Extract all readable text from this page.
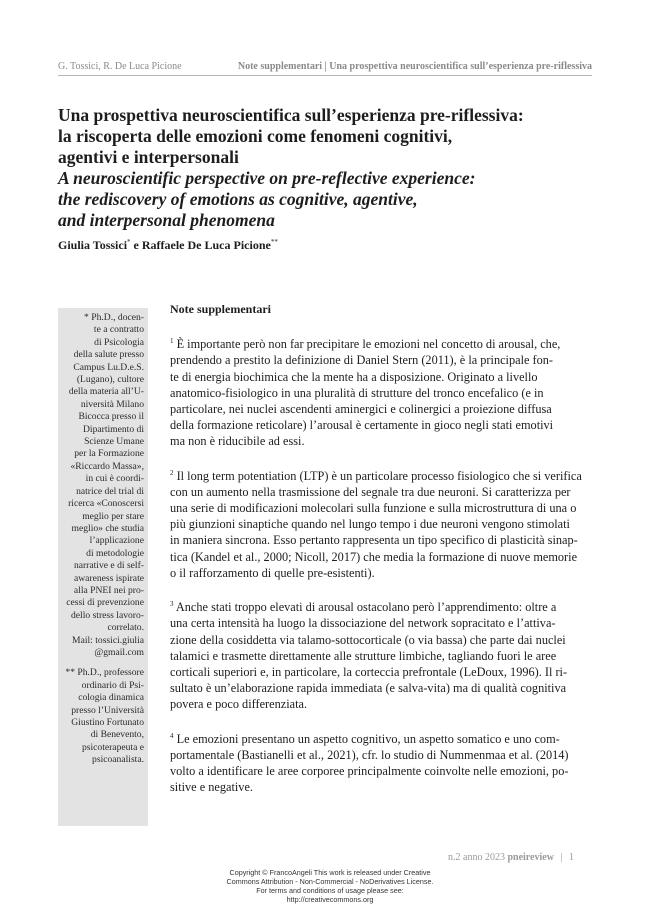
G. Tossici, R. De Luca Picione	Note supplementari | Una prospettiva neuroscientifica sull’esperienza pre-riflessiva
Una prospettiva neuroscientifica sull’esperienza pre-riflessiva:
la riscoperta delle emozioni come fenomeni cognitivi,
agentivi e interpersonali
A neuroscientific perspective on pre-reflective experience:
the rediscovery of emotions as cognitive, agentive,
and interpersonal phenomena
Giulia Tossici* e Raffaele De Luca Picione**
* Ph.D., docen-
te a contratto
di Psicologia
della salute presso
Campus Lu.D.e.S.
(Lugano), cultore
della materia all’U-
niversità Milano
Bicocca presso il
Dipartimento di
Scienze Umane
per la Formazione
«Riccardo Massa»,
in cui è coordi-
natrice del trial di
ricerca «Conoscersi
meglio per stare
meglio» che studia
l’applicazione
di metodologie
narrative e di self-
awareness ispirate
alla PNEI nei pro-
cessi di prevenzione
dello stress lavoro-
correlato.
Mail: tossici.giulia
@gmail.com
** Ph.D., professore
ordinario di Psi-
cologia dinamica
presso l’Università
Giustino Fortunato
di Benevento,
psicoterapeuta e
psicoanalista.
Note supplementari

$^1$ È importante però non far precipitare le emozioni nel concetto di arousal, che,
prendendo a prestito la definizione di Daniel Stern (2011), è la principale fon-
te di energia biochimica che la mente ha a disposizione. Originato a livello
anatomico-fisiologico in una pluralità di strutture del tronco encefalico (e in
particolare, nei nuclei ascendenti aminergici e colinergici a proiezione diffusa
della formazione reticolare) l’arousal è certamente in gioco negli stati emotivi
ma non è riducibile ad essi.

$^2$ Il long term potentiation (LTP) è un particolare processo fisiologico che si verifica
con un aumento nella trasmissione del segnale tra due neuroni. Si caratterizza per
una serie di modificazioni molecolari sulla funzione e sulla microstruttura di una o
più giunzioni sinaptiche quando nel lungo tempo i due neuroni vengono stimolati
in maniera sincrona. Esso pertanto rappresenta un tipo specifico di plasticità sinap-
tica (Kandel et al., 2000; Nicoll, 2017) che media la formazione di nuove memorie
o il rafforzamento di quelle pre-esistenti).

$^3$ Anche stati troppo elevati di arousal ostacolano però l’apprendimento: oltre a
una certa intensità ha luogo la dissociazione del network sopracitato e l’attiva-
zione della cosiddetta via talamo-sottocorticale (o via bassa) che parte dai nuclei
talamici e trasmette direttamente alle strutture limbiche, tagliando fuori le aree
corticali superiori e, in particolare, la corteccia prefrontale (LeDoux, 1996). Il ri-
sultato è un’elaborazione rapida immediata (e salva-vita) ma di qualità cognitiva
povera e poco differenziata.

$^4$ Le emozioni presentano un aspetto cognitivo, un aspetto somatico e uno com-
portamentale (Bastianelli et al., 2021), cfr. lo studio di Nummenmaa et al. (2014)
volto a identificare le aree corporee principalmente coinvolte nelle emozioni, po-
sitive e negative.

n.2 anno 2023 pneireview | 1
Copyright © FrancoAngeli This work is released under Creative
Commons Attribution - Non-Commercial - NoDerivatives License.
For terms and conditions of usage please see:
http://creativecommons.org
